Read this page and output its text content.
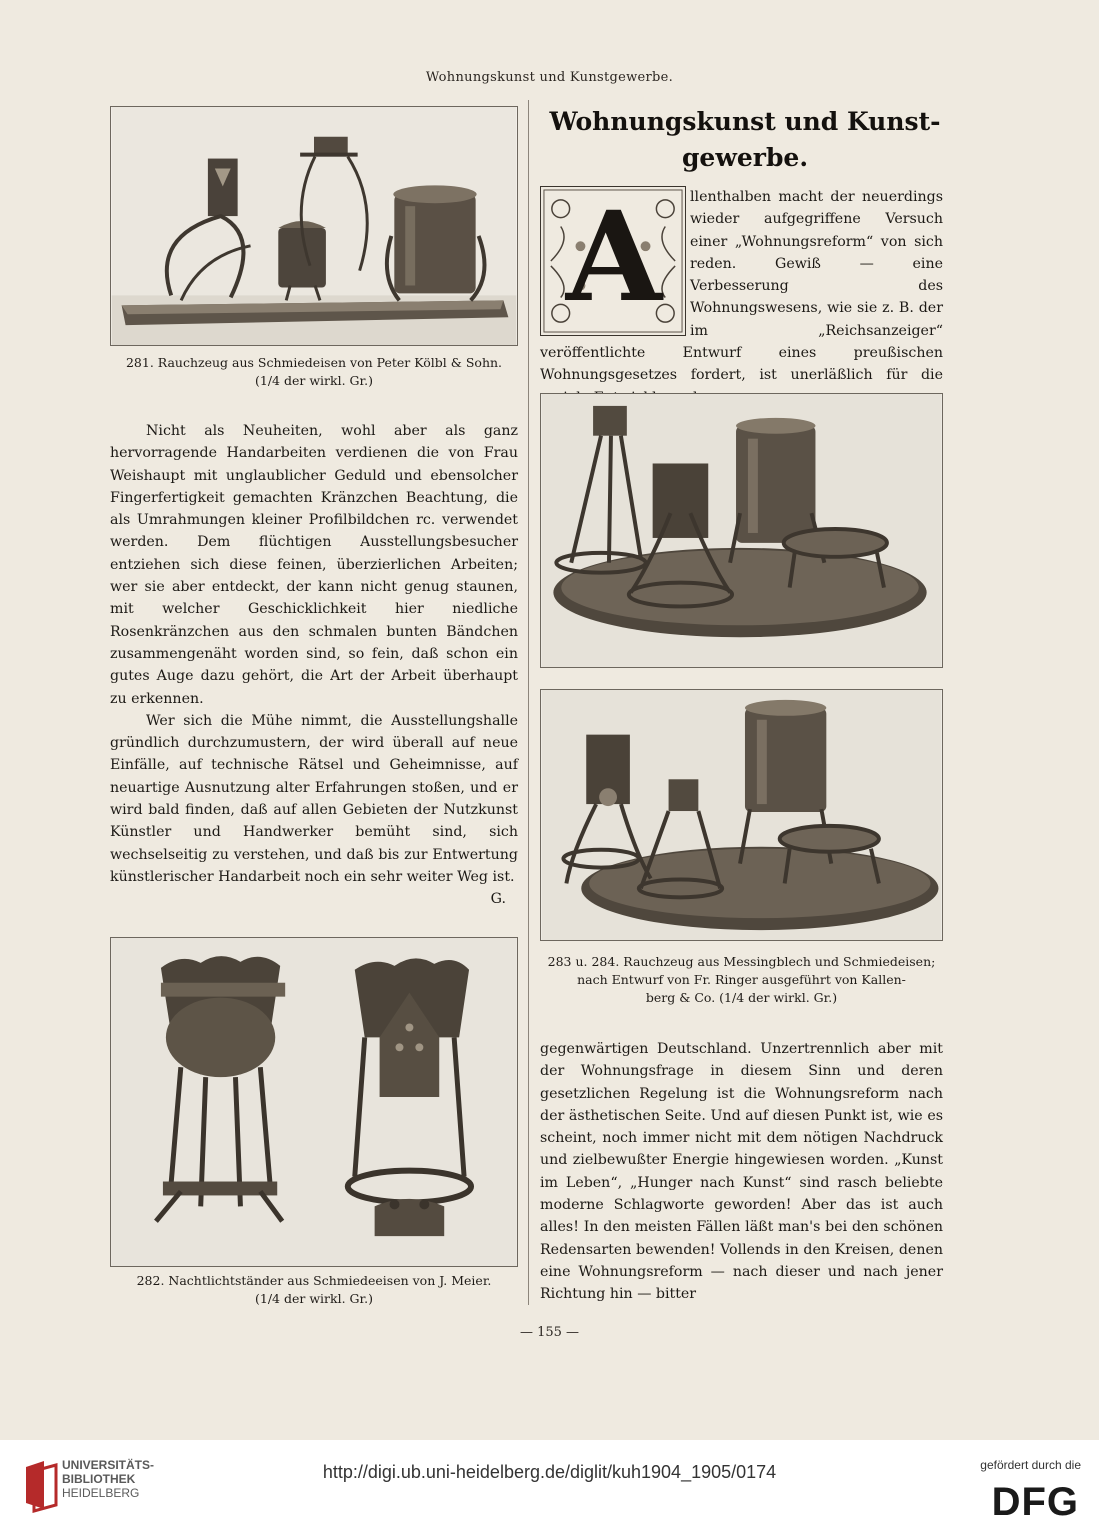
Wohnungskunst und Kunstgewerbe.
281. Rauchzeug aus Schmiedeisen von Peter Kölbl & Sohn.
(1/4 der wirkl. Gr.)

Nicht als Neuheiten, wohl aber als ganz hervorragende Handarbeiten verdienen die von Frau Weishaupt mit unglaublicher Geduld und ebensolcher Fingerfertigkeit gemachten Kränzchen Beachtung, die als Umrahmungen kleiner Profilbildchen rc. verwendet werden. Dem flüchtigen Ausstellungsbesucher entziehen sich diese feinen, überzierlichen Arbeiten; wer sie aber entdeckt, der kann nicht genug staunen, mit welcher Geschicklichkeit hier niedliche Rosenkränzchen aus den schmalen bunten Bändchen zusammengenäht worden sind, so fein, daß schon ein gutes Auge dazu gehört, die Art der Arbeit überhaupt zu erkennen.

Wer sich die Mühe nimmt, die Ausstellungshalle gründlich durchzumustern, der wird überall auf neue Einfälle, auf technische Rätsel und Geheimnisse, auf neuartige Ausnutzung alter Erfahrungen stoßen, und er wird bald finden, daß auf allen Gebieten der Nutzkunst Künstler und Handwerker bemüht sind, sich wechselseitig zu verstehen, und daß bis zur Entwertung künstlerischer Handarbeit noch ein sehr weiter Weg ist.

G.
282. Nachtlichtständer aus Schmiedeeisen von J. Meier.
(1/4 der wirkl. Gr.)
Wohnungskunst und Kunst-
gewerbe.
A	llenthalben macht der neuerdings wieder aufgegriffene Versuch einer „Wohnungsreform“ von sich reden. Gewiß — eine Verbesserung des Wohnungswesens, wie sie z. B. der im „Reichsanzeiger“ veröffentlichte Entwurf eines preußischen Wohnungsgesetzes fordert, ist unerläßlich für die

283 u. 284. Rauchzeug aus Messingblech und Schmiedeisen;
nach Entwurf von Fr. Ringer ausgeführt von Kallen-
berg & Co. (1/4 der wirkl. Gr.)

gegenwärtigen Deutschland. Unzertrennlich aber mit der Wohnungsfrage in diesem Sinn und deren gesetzlichen Regelung ist die Wohnungsreform nach der ästhetischen Seite. Und auf diesen Punkt ist, wie es scheint, noch immer nicht mit dem nötigen Nachdruck und zielbewußter Energie hingewiesen worden. „Kunst im Leben“, „Hunger nach Kunst“ sind rasch beliebte moderne Schlagworte geworden! Aber das ist auch alles! In den meisten Fällen läßt man's bei den schönen Redensarten bewenden! Vollends in den Kreisen, denen eine Wohnungsreform — nach dieser und nach jener Richtung hin — bitter

— 155 —
UNIVERSITÄTS-
BIBLIOTHEK
HEIDELBERG
http://digi.ub.uni-heidelberg.de/diglit/kuh1904_1905/0174	gefördert durch die
DFG
